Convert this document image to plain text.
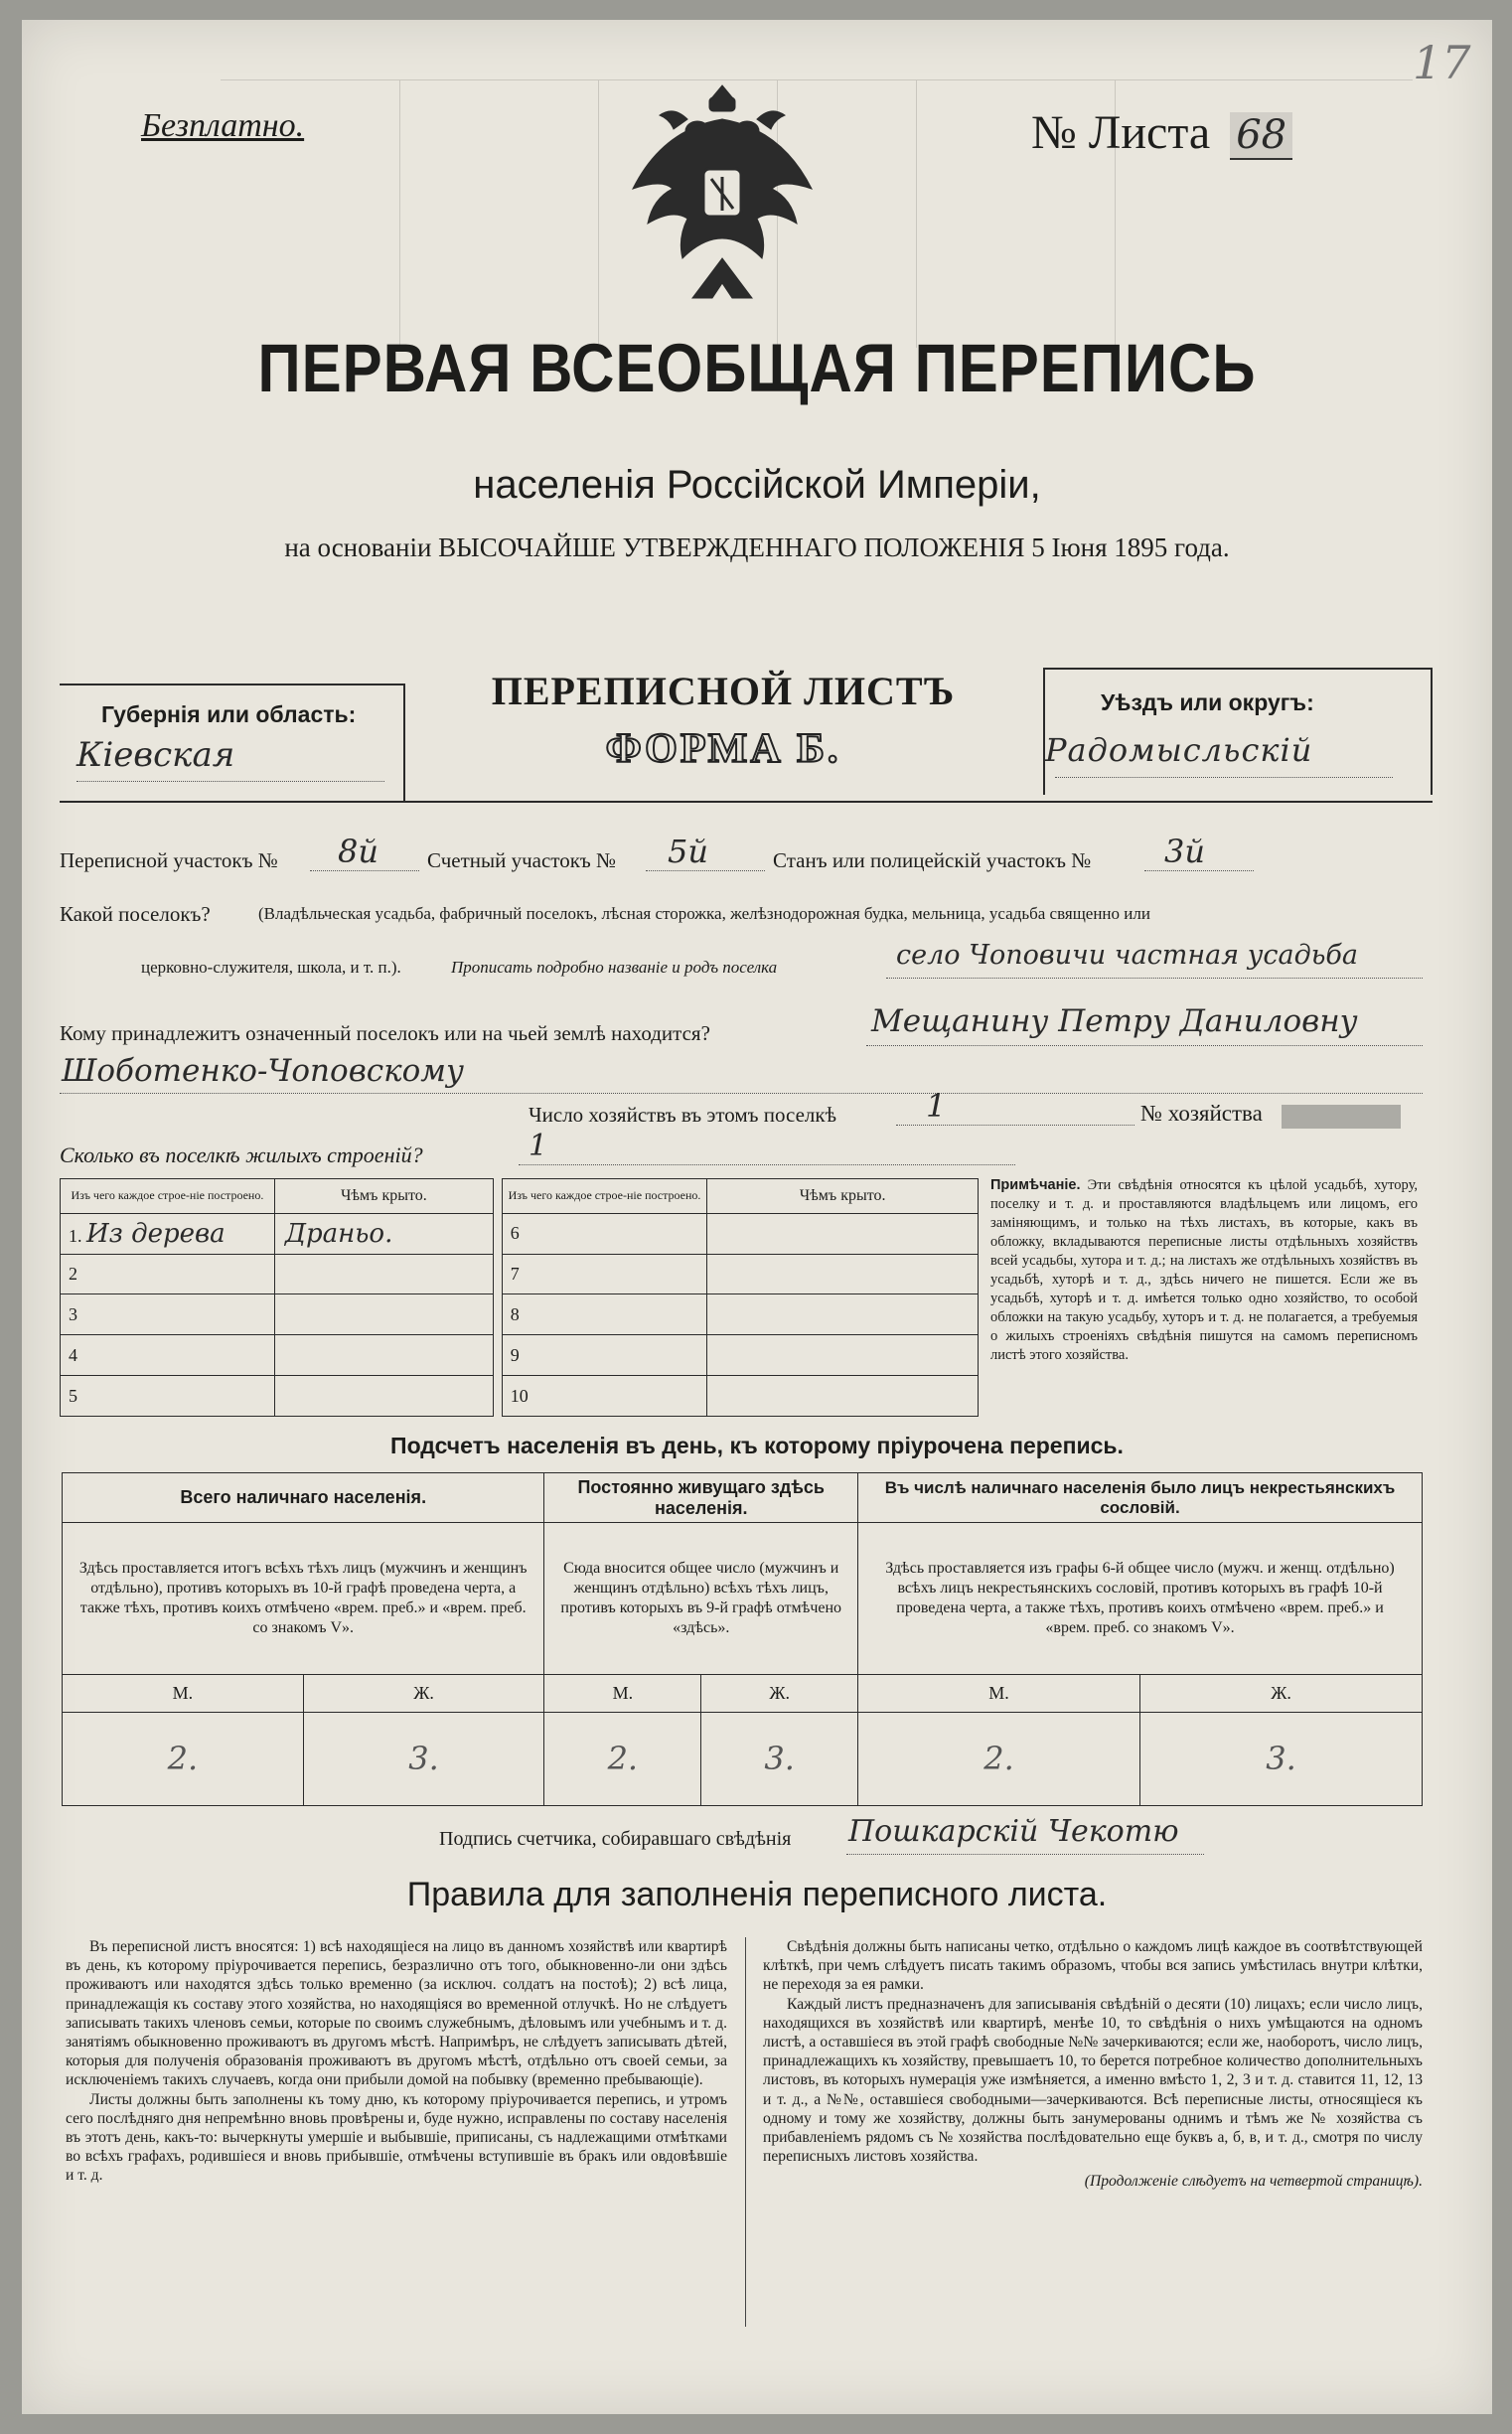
17
Безплатно.	№ Листа 68
ПЕРВАЯ ВСЕОБЩАЯ ПЕРЕПИСЬ
населенія Россійской Имперіи,
на основаніи ВЫСОЧАЙШЕ УТВЕРЖДЕННАГО ПОЛОЖЕНІЯ 5 Іюня 1895 года.
Губернія или область:
Кіевская
ПЕРЕПИСНОЙ ЛИСТЪ
ФОРМА Б.
Уѣздъ или округъ:
Радомысльскій
Переписной участокъ № 8й Счетный участокъ № 5й	Станъ или полицейскій участокъ № 3й
Какой поселокъ?	(Владѣльческая усадьба, фабричный поселокъ, лѣсная сторожка, желѣзнодорожная будка, мельница, усадьба священно или
церковно-служителя, школа, и т. п.).	Прописать подробно названіе и родъ поселка	село Чоповичи частная усадьба
Кому принадлежитъ означенный поселокъ или на чьей землѣ находится?	Мещанину Петру Даниловну
Шоботенко-Чоповскому
Число хозяйствъ въ этомъ поселкѣ	1	№ хозяйства
Сколько въ поселкѣ жилыхъ строеній?	1
Изъ чего каждое строе-ніе построено.	Чѣмъ крыто.		Изъ чего каждое строе-ніе построено.	Чѣмъ крыто.
1. Из дерева	Драньо.		6	
2			7	
3			8	
4			9	
5			10	
Примѣчаніе. Эти свѣдѣнія относятся къ цѣлой усадьбѣ, хутору, поселку и т. д. и проставляются владѣльцемъ или лицомъ, его заміняющимъ, и только на тѣхъ листахъ, въ которые, какъ въ обложку, вкладываются переписные листы отдѣльныхъ хозяйствъ всей усадьбы, хутора и т. д.; на листахъ же отдѣльныхъ хозяйствъ въ усадьбѣ, хуторѣ и т. д., здѣсь ничего не пишется. Если же въ усадьбѣ, хуторѣ и т. д. имѣется только одно хозяйство, то особой обложки на такую усадьбу, хуторъ и т. д. не полагается, а требуемыя о жилыхъ строеніяхъ свѣдѣнія пишутся на самомъ переписномъ листѣ этого хозяйства.
Подсчетъ населенія въ день, къ которому пріурочена перепись.
Всего наличнаго населенія.		Постоянно живущаго здѣсь населенія.		Въ числѣ наличнаго населенія было лицъ некрестьянскихъ сословій.	
Здѣсь проставляется итогъ всѣхъ тѣхъ лицъ (мужчинъ и женщинъ отдѣльно), противъ которыхъ въ 10-й графѣ проведена черта, а также тѣхъ, противъ коихъ отмѣчено «врем. преб.» и «врем. преб. со знакомъ V».		Сюда вносится общее число (мужчинъ и женщинъ отдѣльно) всѣхъ тѣхъ лицъ, противъ которыхъ въ 9-й графѣ отмѣчено «здѣсь».		Здѣсь проставляется изъ графы 6-й общее число (мужч. и женщ. отдѣльно) всѣхъ лицъ некрестьянскихъ сословій, противъ которыхъ въ графѣ 10-й проведена черта, а также тѣхъ, противъ коихъ отмѣчено «врем. преб.» и «врем. преб. со знакомъ V».	
М.	Ж.	М.	Ж.	М.	Ж.
2.	3.	2.	3.	2.	3.
Подпись счетчика, собиравшаго свѣдѣнія Пошкарскій Чекотю
Правила для заполненія переписного листа.

Въ переписной листъ вносятся: 1) всѣ находящіеся на лицо въ данномъ хозяйствѣ или квартирѣ въ день, къ которому пріурочивается перепись, безразлично отъ того, обыкновенно-ли они здѣсь проживаютъ или находятся здѣсь только временно (за исключ. солдатъ на постоѣ); 2) всѣ лица, принадлежащія къ составу этого хозяйства, но находящіяся во временной отлучкѣ. Но не слѣдуетъ записывать такихъ членовъ семьи, которые по своимъ служебнымъ, дѣловымъ или учебнымъ и т. д. занятіямъ обыкновенно проживаютъ въ другомъ мѣстѣ. Напримѣръ, не слѣдуетъ записывать дѣтей, которыя для полученія образованія проживаютъ въ другомъ мѣстѣ, отдѣльно отъ своей семьи, за исключеніемъ такихъ случаевъ, когда они прибыли домой на побывку (временно пребывающіе).

Листы должны быть заполнены къ тому дню, къ которому пріурочивается перепись, и утромъ сего послѣдняго дня непремѣнно вновь провѣрены и, буде нужно, исправлены по составу населенія въ этотъ день, какъ-то: вычеркнуты умершіе и выбывшіе, приписаны, съ надлежащими отмѣтками во всѣхъ графахъ, родившіеся и вновь прибывшіе, отмѣчены вступившіе въ бракъ или овдовѣвшіе и т. д.

Свѣдѣнія должны быть написаны четко, отдѣльно о каждомъ лицѣ каждое въ соотвѣтствующей клѣткѣ, при чемъ слѣдуетъ писать такимъ образомъ, чтобы вся запись умѣстилась внутри клѣтки, не переходя за ея рамки.

Каждый листъ предназначенъ для записыванія свѣдѣній о десяти (10) лицахъ; если число лицъ, находящихся въ хозяйствѣ или квартирѣ, менѣе 10, то свѣдѣнія о нихъ умѣщаются на одномъ листѣ, а оставшіеся въ этой графѣ свободные №№ зачеркиваются; если же, наоборотъ, число лицъ, принадлежащихъ къ хозяйству, превышаетъ 10, то берется потребное количество дополнительныхъ листовъ, въ которыхъ нумерація уже измѣняется, а именно вмѣсто 1, 2, 3 и т. д. ставится 11, 12, 13 и т. д., а №№, оставшіеся свободными—зачеркиваются. Всѣ переписные листы, относящіеся къ одному и тому же хозяйству, должны быть занумерованы однимъ и тѣмъ же № хозяйства съ прибавленіемъ рядомъ съ № хозяйства послѣдовательно еще буквъ а, б, в, и т. д., смотря по числу переписныхъ листовъ хозяйства.

(Продолженіе слѣдуетъ на четвертой страницѣ).
